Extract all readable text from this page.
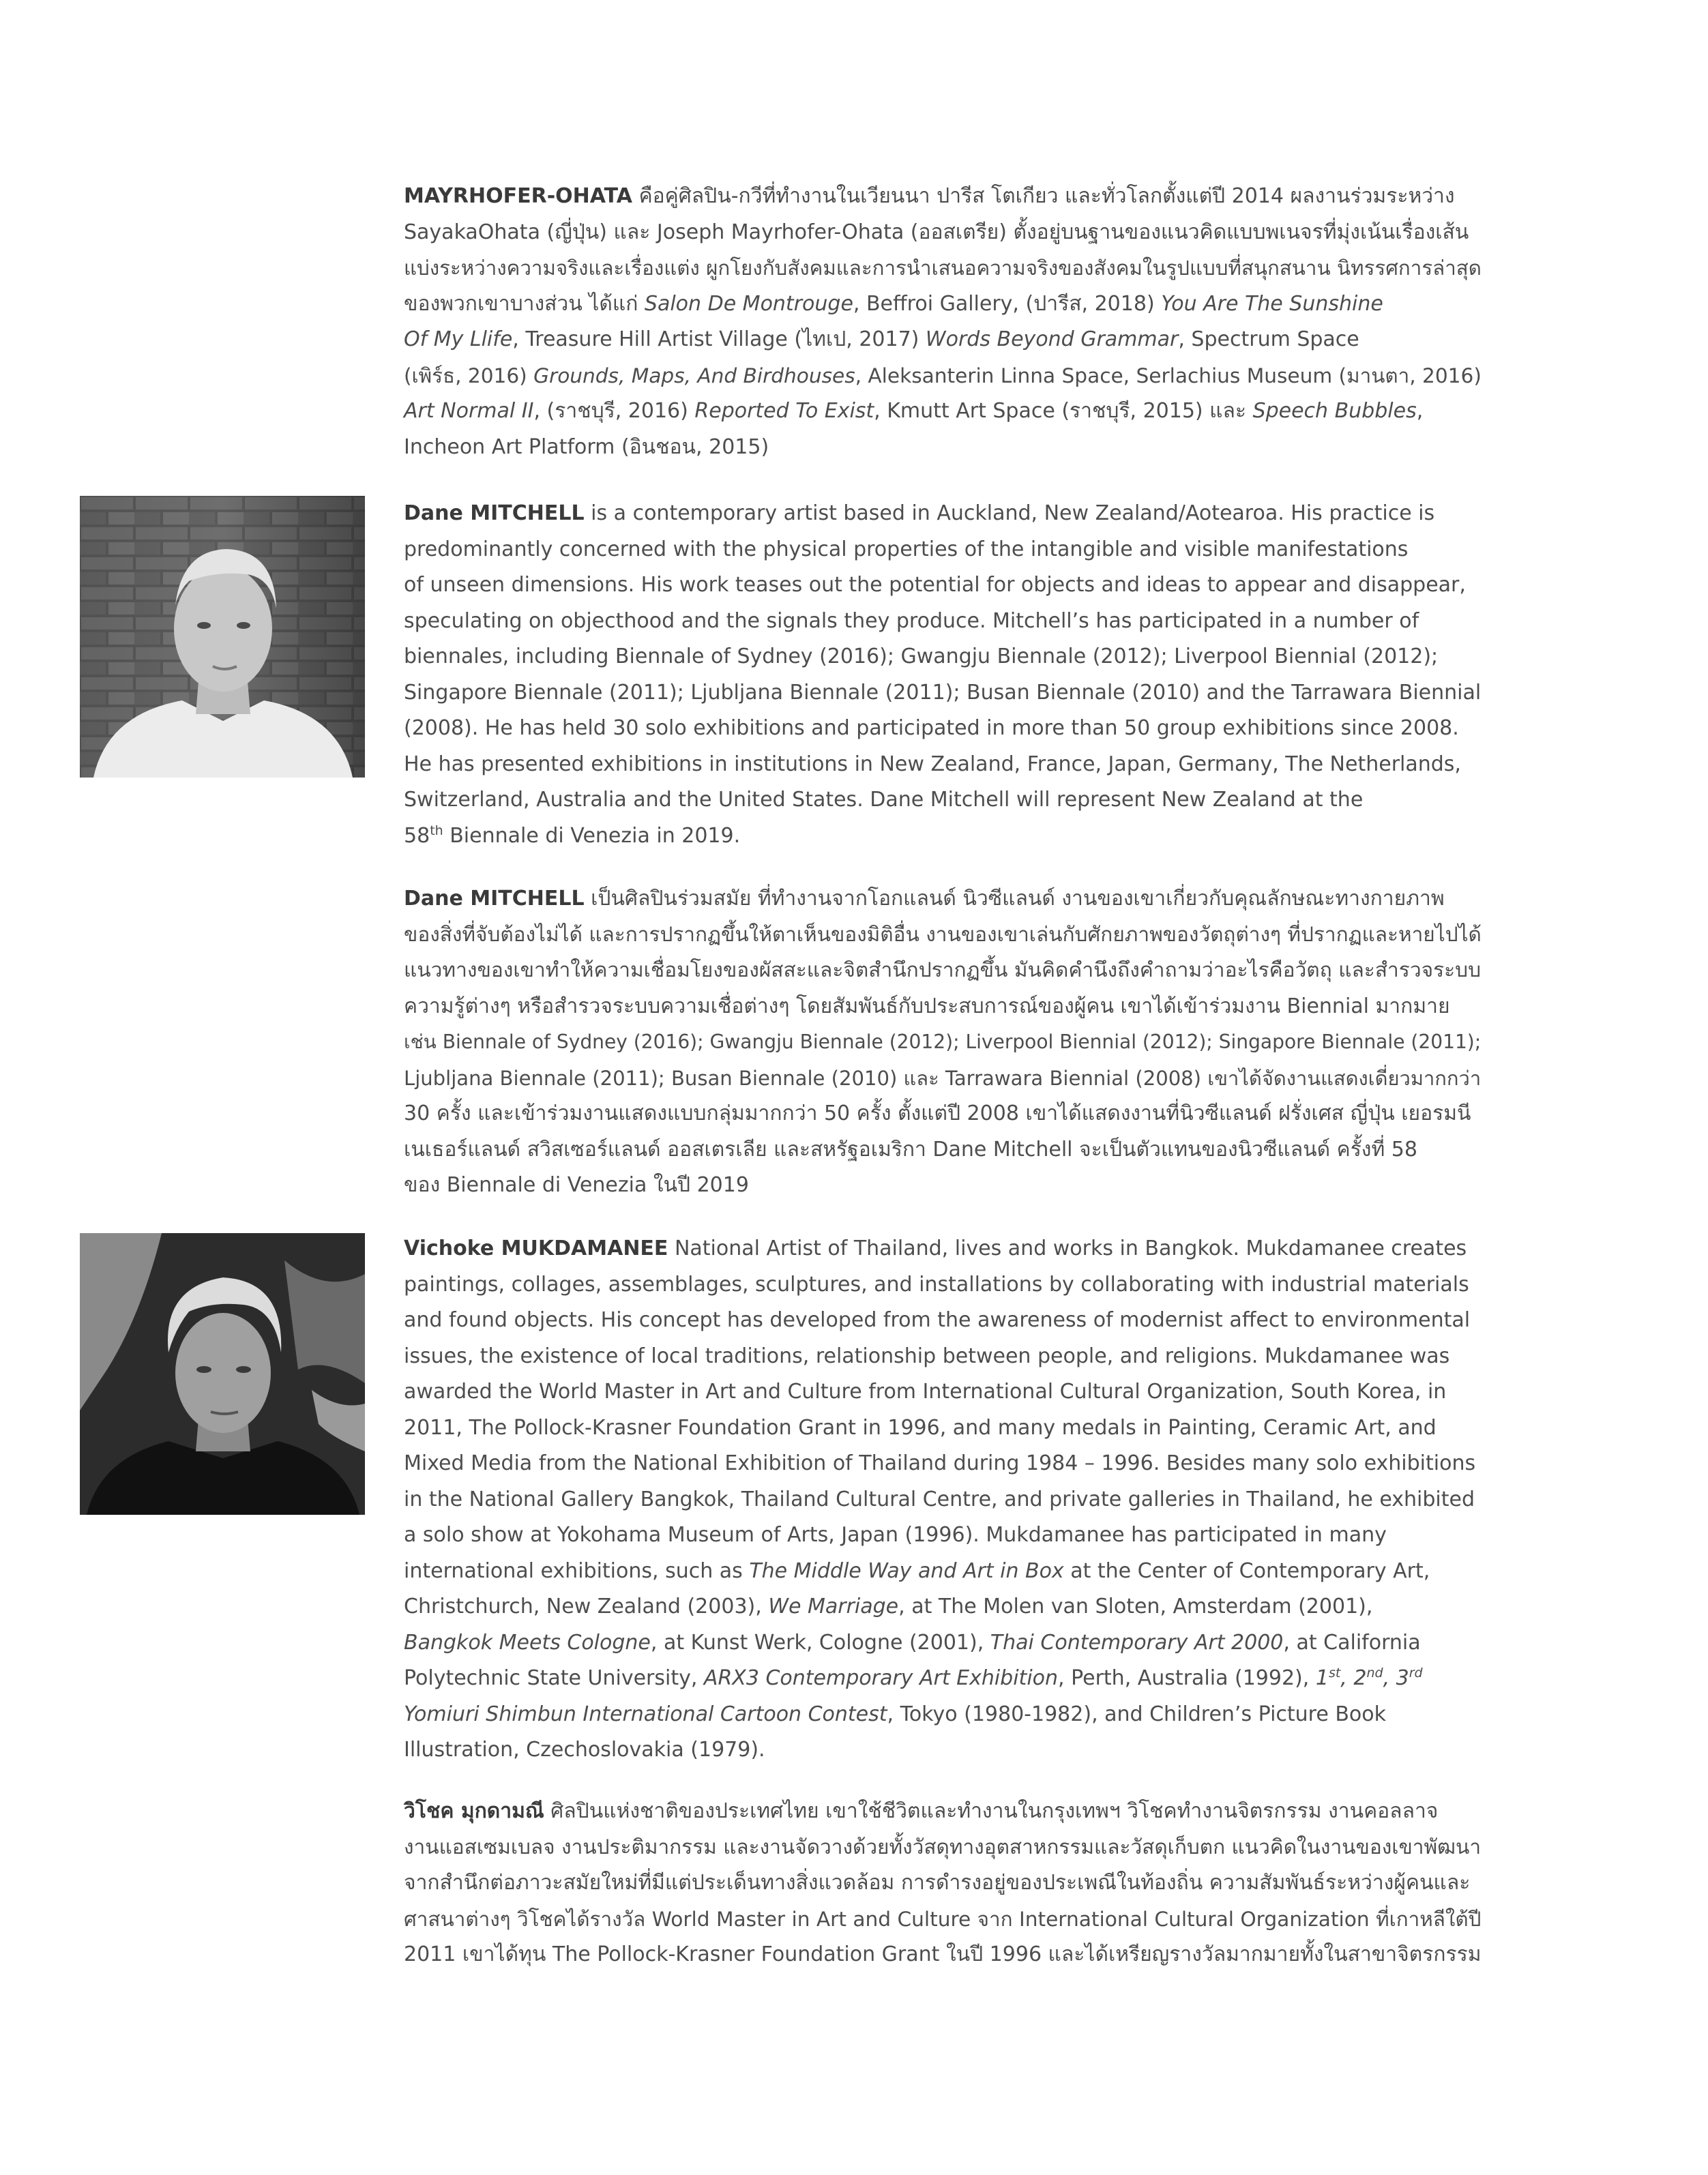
MAYRHOFER-OHATA คือคู่ศิลปิน-กวีที่ทำงานในเวียนนา ปารีส โตเกียว และทั่วโลกตั้งแต่ปี 2014 ผลงานร่วมระหว่าง
SayakaOhata (ญี่ปุ่น) และ Joseph Mayrhofer-Ohata (ออสเตรีย) ตั้งอยู่บนฐานของแนวคิดแบบพเนจรที่มุ่งเน้นเรื่องเส้น
แบ่งระหว่างความจริงและเรื่องแต่ง ผูกโยงกับสังคมและการนำเสนอความจริงของสังคมในรูปแบบที่สนุกสนาน นิทรรศการล่าสุด
ของพวกเขาบางส่วน ได้แก่ Salon De Montrouge, Beffroi Gallery, (ปารีส, 2018) You Are The Sunshine
Of My Llife, Treasure Hill Artist Village (ไทเป, 2017) Words Beyond Grammar, Spectrum Space
(เพิร์ธ, 2016) Grounds, Maps, And Birdhouses, Aleksanterin Linna Space, Serlachius Museum (มานตา, 2016)
Art Normal II, (ราชบุรี, 2016) Reported To Exist, Kmutt Art Space (ราชบุรี, 2015) และ Speech Bubbles,
Incheon Art Platform (อินชอน, 2015)
Dane MITCHELL is a contemporary artist based in Auckland, New Zealand/Aotearoa. His practice is
predominantly concerned with the physical properties of the intangible and visible manifestations
of unseen dimensions. His work teases out the potential for objects and ideas to appear and disappear,
speculating on objecthood and the signals they produce. Mitchell’s has participated in a number of
biennales, including Biennale of Sydney (2016); Gwangju Biennale (2012); Liverpool Biennial (2012);
Singapore Biennale (2011); Ljubljana Biennale (2011); Busan Biennale (2010) and the Tarrawara Biennial
(2008). He has held 30 solo exhibitions and participated in more than 50 group exhibitions since 2008.
He has presented exhibitions in institutions in New Zealand, France, Japan, Germany, The Netherlands,
Switzerland, Australia and the United States. Dane Mitchell will represent New Zealand at the
58th Biennale di Venezia in 2019.
Dane MITCHELL เป็นศิลปินร่วมสมัย ที่ทำงานจากโอกแลนด์ นิวซีแลนด์ งานของเขาเกี่ยวกับคุณลักษณะทางกายภาพ
ของสิ่งที่จับต้องไม่ได้ และการปรากฏขึ้นให้ตาเห็นของมิติอื่น งานของเขาเล่นกับศักยภาพของวัตถุต่างๆ ที่ปรากฏและหายไปได้
แนวทางของเขาทำให้ความเชื่อมโยงของผัสสะและจิตสำนึกปรากฏขึ้น มันคิดคำนึงถึงคำถามว่าอะไรคือวัตถุ และสำรวจระบบ
ความรู้ต่างๆ หรือสำรวจระบบความเชื่อต่างๆ โดยสัมพันธ์กับประสบการณ์ของผู้คน เขาได้เข้าร่วมงาน Biennial มากมาย
เช่น Biennale of Sydney (2016); Gwangju Biennale (2012); Liverpool Biennial (2012); Singapore Biennale (2011);
Ljubljana Biennale (2011); Busan Biennale (2010) และ Tarrawara Biennial (2008) เขาได้จัดงานแสดงเดี่ยวมากกว่า
30 ครั้ง และเข้าร่วมงานแสดงแบบกลุ่มมากกว่า 50 ครั้ง ตั้งแต่ปี 2008 เขาได้แสดงงานที่นิวซีแลนด์ ฝรั่งเศส ญี่ปุ่น เยอรมนี
เนเธอร์แลนด์ สวิสเซอร์แลนด์ ออสเตรเลีย และสหรัฐอเมริกา Dane Mitchell จะเป็นตัวแทนของนิวซีแลนด์ ครั้งที่ 58
ของ Biennale di Venezia ในปี 2019
Vichoke MUKDAMANEE National Artist of Thailand, lives and works in Bangkok. Mukdamanee creates
paintings, collages, assemblages, sculptures, and installations by collaborating with industrial materials
and found objects. His concept has developed from the awareness of modernist affect to environmental
issues, the existence of local traditions, relationship between people, and religions. Mukdamanee was
awarded the World Master in Art and Culture from International Cultural Organization, South Korea, in
2011, The Pollock-Krasner Foundation Grant in 1996, and many medals in Painting, Ceramic Art, and
Mixed Media from the National Exhibition of Thailand during 1984 – 1996. Besides many solo exhibitions
in the National Gallery Bangkok, Thailand Cultural Centre, and private galleries in Thailand, he exhibited
a solo show at Yokohama Museum of Arts, Japan (1996). Mukdamanee has participated in many
international exhibitions, such as The Middle Way and Art in Box at the Center of Contemporary Art,
Christchurch, New Zealand (2003), We Marriage, at The Molen van Sloten, Amsterdam (2001),
Bangkok Meets Cologne, at Kunst Werk, Cologne (2001), Thai Contemporary Art 2000, at California
Polytechnic State University, ARX3 Contemporary Art Exhibition, Perth, Australia (1992), 1st, 2nd, 3rd
Yomiuri Shimbun International Cartoon Contest, Tokyo (1980-1982), and Children’s Picture Book
Illustration, Czechoslovakia (1979).
วิโชค มุกดามณี ศิลปินแห่งชาติของประเทศไทย เขาใช้ชีวิตและทำงานในกรุงเทพฯ วิโชคทำงานจิตรกรรม งานคอลลาจ
งานแอสเซมเบลจ งานประติมากรรม และงานจัดวางด้วยทั้งวัสดุทางอุตสาหกรรมและวัสดุเก็บตก แนวคิดในงานของเขาพัฒนา
จากสำนึกต่อภาวะสมัยใหม่ที่มีแต่ประเด็นทางสิ่งแวดล้อม การดำรงอยู่ของประเพณีในท้องถิ่น ความสัมพันธ์ระหว่างผู้คนและ
ศาสนาต่างๆ วิโชคได้รางวัล World Master in Art and Culture จาก International Cultural Organization ที่เกาหลีใต้ปี
2011 เขาได้ทุน The Pollock-Krasner Foundation Grant ในปี 1996 และได้เหรียญรางวัลมากมายทั้งในสาขาจิตรกรรม
